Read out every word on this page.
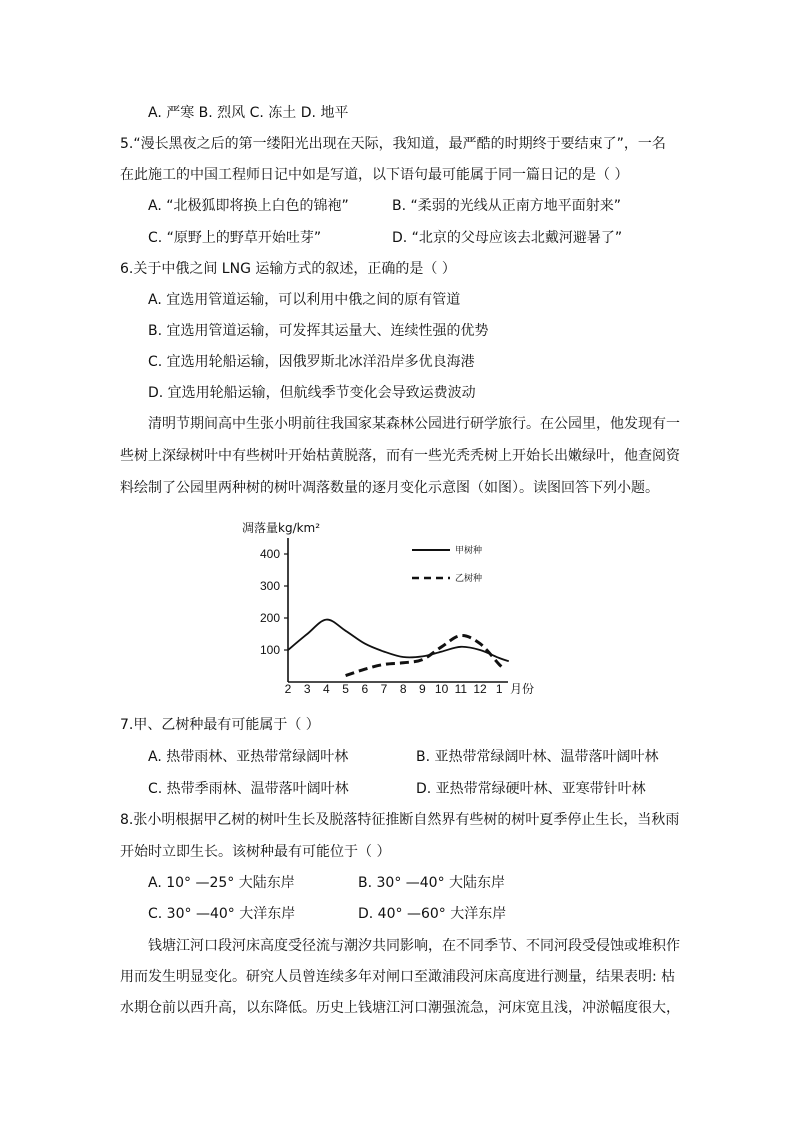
A. 严寒 B. 烈风 C. 冻土 D. 地平
5.“漫长黑夜之后的第一缕阳光出现在天际，我知道，最严酷的时期终于要结束了”，一名
在此施工的中国工程师日记中如是写道，以下语句最可能属于同一篇日记的是（ ）
A. “北极狐即将换上白色的锦袍”	B. “柔弱的光线从正南方地平面射来”
C. “原野上的野草开始吐芽”	D. “北京的父母应该去北戴河避暑了”
6.关于中俄之间 LNG 运输方式的叙述，正确的是（ ）
A. 宜选用管道运输，可以利用中俄之间的原有管道
B. 宜选用管道运输，可发挥其运量大、连续性强的优势
C. 宜选用轮船运输，因俄罗斯北冰洋沿岸多优良海港
D. 宜选用轮船运输，但航线季节变化会导致运费波动
清明节期间高中生张小明前往我国家某森林公园进行研学旅行。在公园里，他发现有一
些树上深绿树叶中有些树叶开始枯黄脱落，而有一些光秃秃树上开始长出嫩绿叶，他查阅资
料绘制了公园里两种树的树叶凋落数量的逐月变化示意图（如图）。读图回答下列小题。
凋落量kg/km²
400
300
200
100
2 3 4 5 6 7 8 9 10 11 12 1 月份
甲树种
乙树种
7.甲、乙树种最有可能属于（ ）
A. 热带雨林、亚热带常绿阔叶林	B. 亚热带常绿阔叶林、温带落叶阔叶林
C. 热带季雨林、温带落叶阔叶林	D. 亚热带常绿硬叶林、亚寒带针叶林
8.张小明根据甲乙树的树叶生长及脱落特征推断自然界有些树的树叶夏季停止生长，当秋雨
开始时立即生长。该树种最有可能位于（ ）
A. 10° —25° 大陆东岸	B. 30° —40° 大陆东岸
C. 30° —40° 大洋东岸	D. 40° —60° 大洋东岸
钱塘江河口段河床高度受径流与潮汐共同影响，在不同季节、不同河段受侵蚀或堆积作
用而发生明显变化。研究人员曾连续多年对闸口至澉浦段河床高度进行测量，结果表明: 枯
水期仓前以西升高，以东降低。历史上钱塘江河口潮强流急，河床宽且浅，冲淤幅度很大，
